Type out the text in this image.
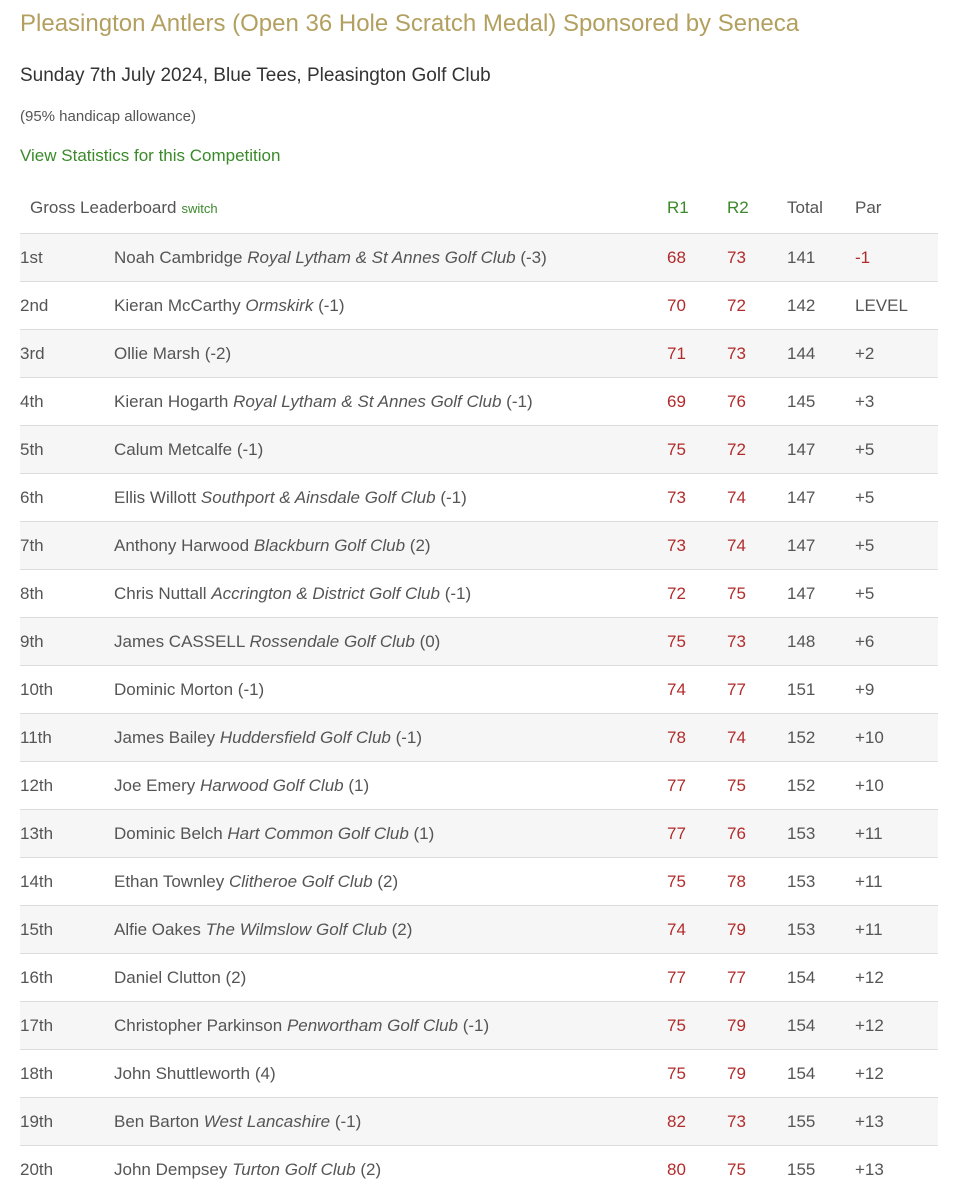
Pleasington Antlers (Open 36 Hole Scratch Medal) Sponsored by Seneca
Sunday 7th July 2024, Blue Tees, Pleasington Golf Club
(95% handicap allowance)
View Statistics for this Competition
Gross Leaderboard switch		R1	R2	Total	Par
1st	Noah Cambridge Royal Lytham & St Annes Golf Club (-3)	68	73	141	-1
2nd	Kieran McCarthy Ormskirk (-1)	70	72	142	LEVEL
3rd	Ollie Marsh (-2)	71	73	144	+2
4th	Kieran Hogarth Royal Lytham & St Annes Golf Club (-1)	69	76	145	+3
5th	Calum Metcalfe (-1)	75	72	147	+5
6th	Ellis Willott Southport & Ainsdale Golf Club (-1)	73	74	147	+5
7th	Anthony Harwood Blackburn Golf Club (2)	73	74	147	+5
8th	Chris Nuttall Accrington & District Golf Club (-1)	72	75	147	+5
9th	James CASSELL Rossendale Golf Club (0)	75	73	148	+6
10th	Dominic Morton (-1)	74	77	151	+9
11th	James Bailey Huddersfield Golf Club (-1)	78	74	152	+10
12th	Joe Emery Harwood Golf Club (1)	77	75	152	+10
13th	Dominic Belch Hart Common Golf Club (1)	77	76	153	+11
14th	Ethan Townley Clitheroe Golf Club (2)	75	78	153	+11
15th	Alfie Oakes The Wilmslow Golf Club (2)	74	79	153	+11
16th	Daniel Clutton (2)	77	77	154	+12
17th	Christopher Parkinson Penwortham Golf Club (-1)	75	79	154	+12
18th	John Shuttleworth (4)	75	79	154	+12
19th	Ben Barton West Lancashire (-1)	82	73	155	+13
20th	John Dempsey Turton Golf Club (2)	80	75	155	+13
